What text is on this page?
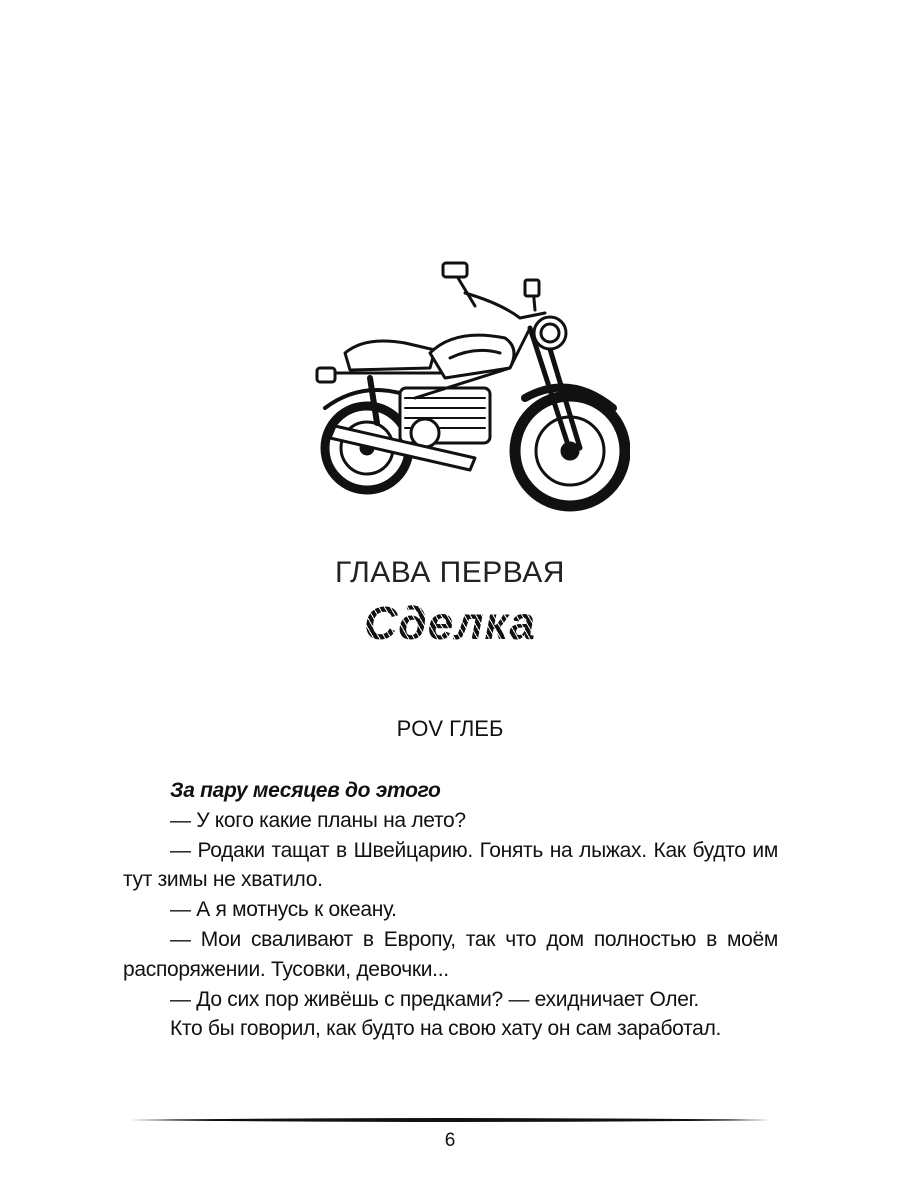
ГЛАВА ПЕРВАЯ
Сделка
POV ГЛЕБ

За пару месяцев до этого

— У кого какие планы на лето?

— Родаки тащат в Швейцарию. Гонять на лыжах. Как будто им тут зимы не хватило.

— А я мотнусь к океану.

— Мои сваливают в Европу, так что дом полностью в моём распоряжении. Тусовки, девочки...

— До сих пор живёшь с предками? — ехидничает Олег.

Кто бы говорил, как будто на свою хату он сам заработал.

6
